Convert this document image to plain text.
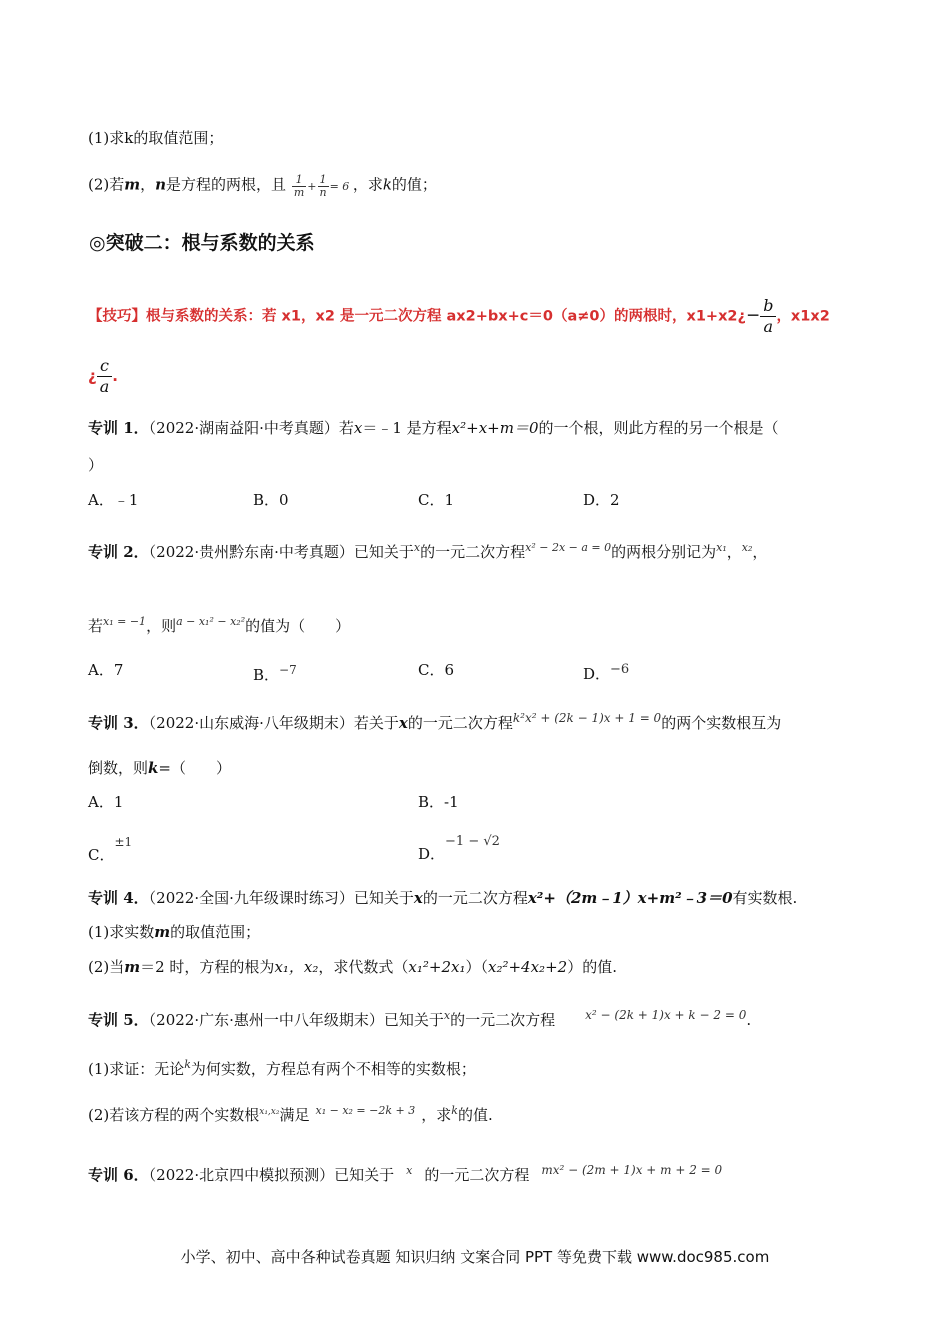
(1)求k的取值范围；
(2)若m，n是方程的两根，且 $\frac{1}{m} + \frac{1}{n} = 6$ ，求k的值；
◎突破二：根与系数的关系
【技巧】根与系数的关系：若 x1，x2 是一元二次方程 ax2+bx+c＝0（a≠0）的两根时，x1+x2¿− $\frac{b}{a}$ ，x1x2
¿ $\frac{c}{a}$ .
专训 1．（2022·湖南益阳·中考真题）若x＝﹣1 是方程x²+x+m＝0的一个根，则此方程的另一个根是（
）
A．﹣1	B．0	C．1	D．2
专训 2．（2022·贵州黔东南·中考真题）已知关于$^x$的一元二次方程$^{x^2 - 2x - a = 0}$的两根分别记为$^{x_1}$，$^{x_2}$，
若$^{x_1 = -1}$，则$^{a - x_1^2 - x_2^2}$的值为（　　）
A．7	B．$^{-7}$	C．6	D．$^{-6}$
专训 3．（2022·山东威海·八年级期末）若关于x的一元二次方程$^{k^2x^2 + (2k - 1)x + 1 = 0}$的两个实数根互为
倒数，则k=（　　）
A．1	B．-1
C．$^{\pm 1}$
D．$^{-1 - √2}$
专训 4．（2022·全国·九年级课时练习）已知关于x的一元二次方程x²+（2m﹣1）x+m²﹣3＝0有实数根.
(1)求实数m的取值范围；
(2)当m＝2 时，方程的根为x₁，x₂，求代数式（x₁²+2x₁）（x₂²+4x₂+2）的值.
专训 5．（2022·广东·惠州一中八年级期末）已知关于$^x$的一元二次方程	$^{x^2 - (2k + 1)x + k - 2 = 0}$.
(1)求证：无论$^k$为何实数，方程总有两个不相等的实数根；
(2)若该方程的两个实数根$^{x_1,x_2}$满足 $^{x_1 - x_2 = -2k + 3}$ ，求$^k$的值.
专训 6．（2022·北京四中模拟预测）已知关于 $^x$ 的一元二次方程 $^{mx^2 - (2m + 1)x + m + 2 = 0}$
小学、初中、高中各种试卷真题 知识归纳 文案合同 PPT 等免费下载 www.doc985.com
